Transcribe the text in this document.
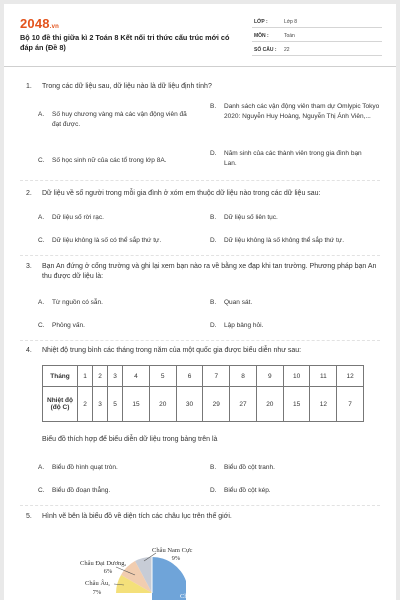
2048.vn
Bộ 10 đề thi giữa kì 2 Toán 8 Kết nối tri thức cấu trúc mới có đáp án (Đề 8)
LỚP :	Lớp 8
MÔN :	Toán
SỐ CÂU : 22
1. Trong các dữ liệu sau, dữ liệu nào là dữ liệu định tính?
A. Số huy chương vàng mà các vận động viên đã đạt được.
B. Danh sách các vận động viên tham dự Omlypic Tokyo 2020: Nguyễn Huy Hoàng, Nguyễn Thị Ánh Viên,...
C. Số học sinh nữ của các tổ trong lớp 8A.
D. Năm sinh của các thành viên trong gia đình bạn Lan.
2. Dữ liệu về số người trong mỗi gia đình ở xóm em thuộc dữ liệu nào trong các dữ liệu sau:
A. Dữ liệu số rời rạc.	B. Dữ liệu số liên tục.
C. Dữ liệu không là số có thể sắp thứ tự.	D. Dữ liệu không là số không thể sắp thứ tự.
3. Bạn An đứng ở cổng trường và ghi lại xem bạn nào ra về bằng xe đạp khi tan trường. Phương pháp bạn An thu được dữ liệu là:
A. Từ nguồn có sẵn.	B. Quan sát.
C. Phỏng vấn.	D. Lập bảng hỏi.
4. Nhiệt độ trung bình các tháng trong năm của một quốc gia được biểu diễn như sau:
Tháng	1	2	3	4	5	6	7	8	9	10	11	12
Nhiệt độ (độ C)	2	3	5	15	20	30	29	27	20	15	12	7
Biểu đồ thích hợp để biểu diễn dữ liệu trong bảng trên là
A. Biểu đồ hình quạt tròn.	B. Biểu đồ cột tranh.
C. Biểu đồ đoạn thẳng.	D. Biểu đồ cột kép.
5. Hình vẽ bên là biểu đồ về diện tích các châu lục trên thế giới.
Châu Nam Cực
9%
Châu Đại Dương,
6%
Châu Âu,
7%
Châu Á
